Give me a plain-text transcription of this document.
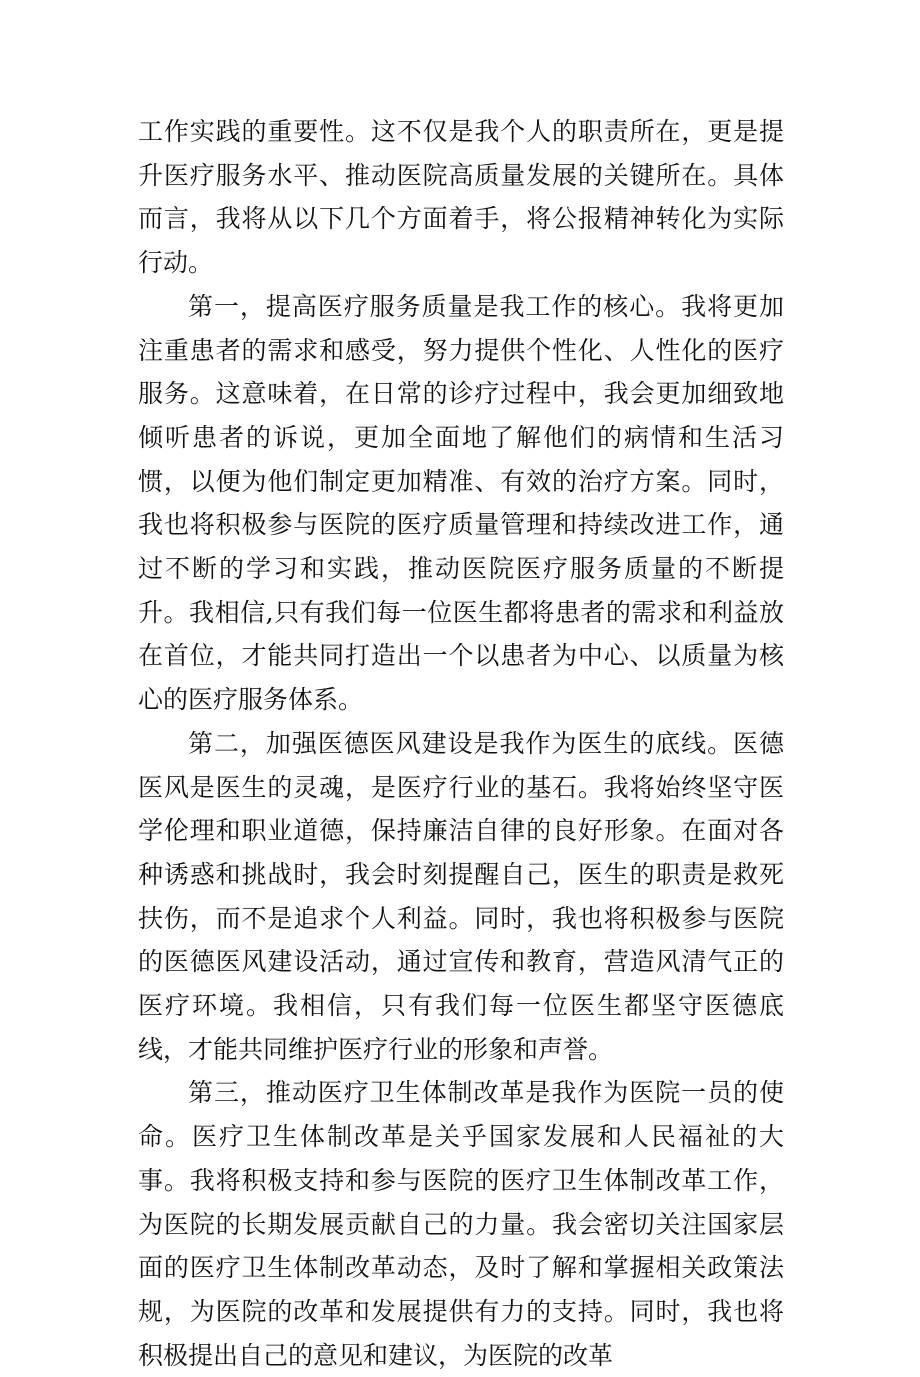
工作实践的重要性。这不仅是我个人的职责所在，更是提升医疗服务水平、推动医院高质量发展的关键所在。具体而言，我将从以下几个方面着手，将公报精神转化为实际行动。

第一，提高医疗服务质量是我工作的核心。我将更加注重患者的需求和感受，努力提供个性化、人性化的医疗服务。这意味着，在日常的诊疗过程中，我会更加细致地倾听患者的诉说，更加全面地了解他们的病情和生活习惯，以便为他们制定更加精准、有效的治疗方案。同时，我也将积极参与医院的医疗质量管理和持续改进工作，通过不断的学习和实践，推动医院医疗服务质量的不断提升。我相信,只有我们每一位医生都将患者的需求和利益放在首位，才能共同打造出一个以患者为中心、以质量为核心的医疗服务体系。

第二，加强医德医风建设是我作为医生的底线。医德医风是医生的灵魂，是医疗行业的基石。我将始终坚守医学伦理和职业道德，保持廉洁自律的良好形象。在面对各种诱惑和挑战时，我会时刻提醒自己，医生的职责是救死扶伤，而不是追求个人利益。同时，我也将积极参与医院的医德医风建设活动，通过宣传和教育，营造风清气正的医疗环境。我相信，只有我们每一位医生都坚守医德底线，才能共同维护医疗行业的形象和声誉。

第三，推动医疗卫生体制改革是我作为医院一员的使命。医疗卫生体制改革是关乎国家发展和人民福祉的大事。我将积极支持和参与医院的医疗卫生体制改革工作，为医院的长期发展贡献自己的力量。我会密切关注国家层面的医疗卫生体制改革动态，及时了解和掌握相关政策法规，为医院的改革和发展提供有力的支持。同时，我也将积极提出自己的意见和建议，为医院的改革
